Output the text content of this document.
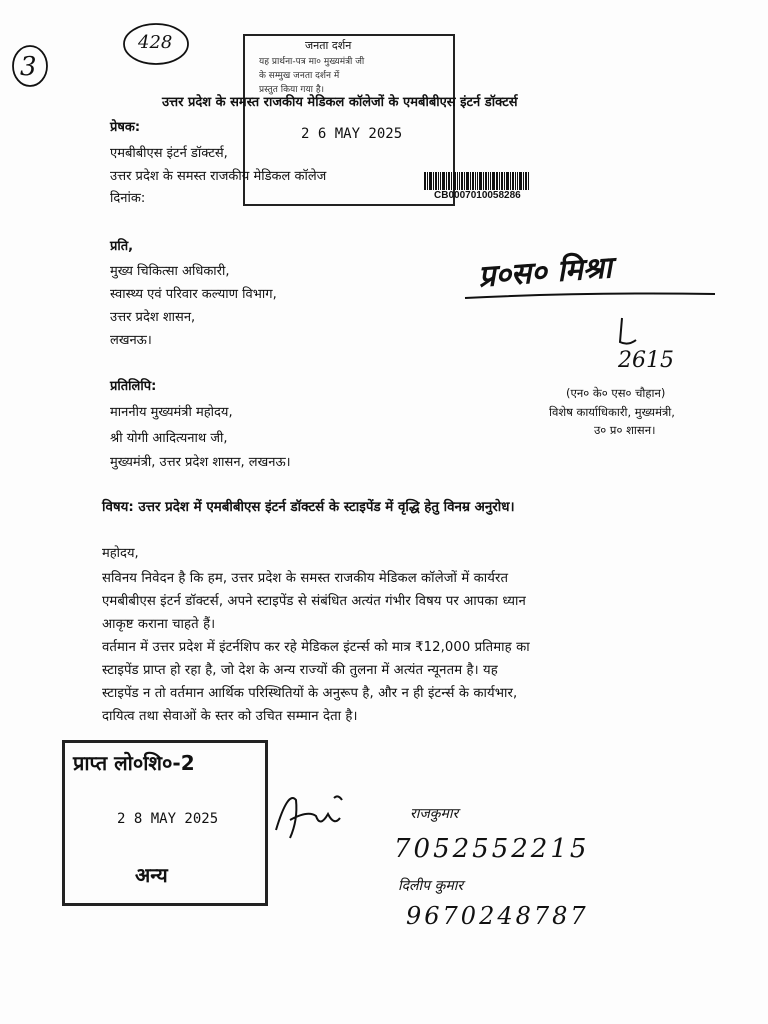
3
428	जनता दर्शन
यह प्रार्थना-पत्र मा० मुख्यमंत्री जी
के सम्मुख जनता दर्शन में
प्रस्तुत किया गया है।
2 6 MAY 2025
उत्तर प्रदेश के समस्त राजकीय मेडिकल कॉलेजों के एमबीबीएस इंटर्न डॉक्टर्स
प्रेषक:
एमबीबीएस इंटर्न डॉक्टर्स,
उत्तर प्रदेश के समस्त राजकीय मेडिकल कॉलेज
दिनांक:	CB0007010058286
प्रति,
मुख्य चिकित्सा अधिकारी,
स्वास्थ्य एवं परिवार कल्याण विभाग,
उत्तर प्रदेश शासन,
लखनऊ।
प्र०स० मिश्रा
2615
(एन० के० एस० चौहान)
विशेष कार्याधिकारी, मुख्यमंत्री,
उ० प्र० शासन।
प्रतिलिपि:
माननीय मुख्यमंत्री महोदय,
श्री योगी आदित्यनाथ जी,
मुख्यमंत्री, उत्तर प्रदेश शासन, लखनऊ।
विषय: उत्तर प्रदेश में एमबीबीएस इंटर्न डॉक्टर्स के स्टाइपेंड में वृद्धि हेतु विनम्र अनुरोध।
महोदय,
सविनय निवेदन है कि हम, उत्तर प्रदेश के समस्त राजकीय मेडिकल कॉलेजों में कार्यरत
एमबीबीएस इंटर्न डॉक्टर्स, अपने स्टाइपेंड से संबंधित अत्यंत गंभीर विषय पर आपका ध्यान
आकृष्ट कराना चाहते हैं।
वर्तमान में उत्तर प्रदेश में इंटर्नशिप कर रहे मेडिकल इंटर्न्स को मात्र ₹12,000 प्रतिमाह का
स्टाइपेंड प्राप्त हो रहा है, जो देश के अन्य राज्यों की तुलना में अत्यंत न्यूनतम है। यह
स्टाइपेंड न तो वर्तमान आर्थिक परिस्थितियों के अनुरूप है, और न ही इंटर्न्स के कार्यभार,
दायित्व तथा सेवाओं के स्तर को उचित सम्मान देता है।
प्राप्त लो०शि०-2
2 8 MAY 2025
अन्य
राजकुमार
7052552215
दिलीप कुमार
9670248787
